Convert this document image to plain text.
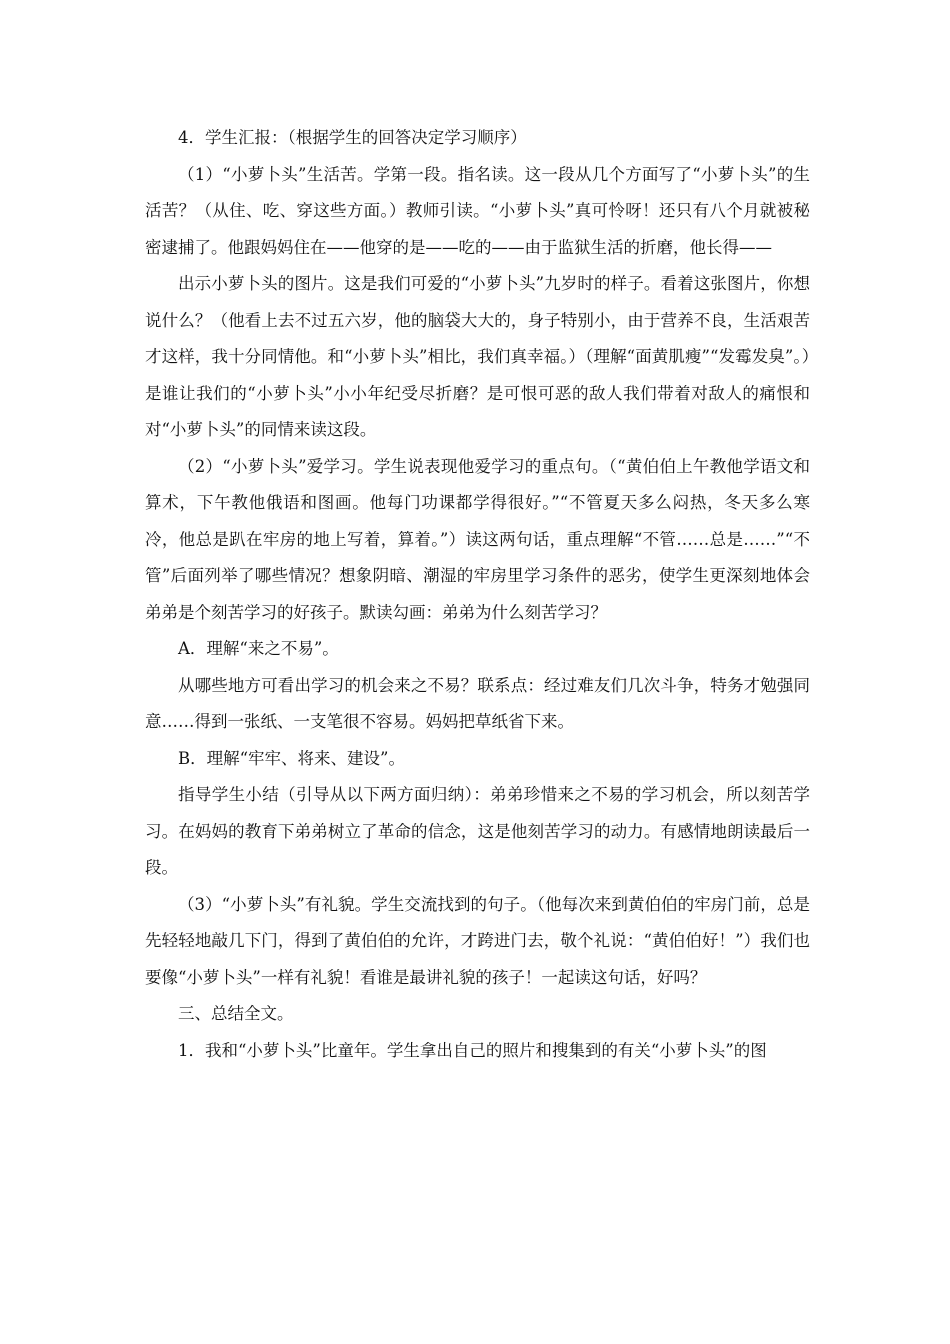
4．学生汇报：（根据学生的回答决定学习顺序）

（1）“小萝卜头”生活苦。学第一段。指名读。这一段从几个方面写了“小萝卜头”的生活苦？（从住、吃、穿这些方面。）教师引读。“小萝卜头”真可怜呀！还只有八个月就被秘密逮捕了。他跟妈妈住在——他穿的是——吃的——由于监狱生活的折磨，他长得——

出示小萝卜头的图片。这是我们可爱的“小萝卜头”九岁时的样子。看着这张图片，你想说什么？（他看上去不过五六岁，他的脑袋大大的，身子特别小，由于营养不良，生活艰苦才这样，我十分同情他。和“小萝卜头”相比，我们真幸福。）（理解“面黄肌瘦”“发霉发臭”。）是谁让我们的“小萝卜头”小小年纪受尽折磨？是可恨可恶的敌人我们带着对敌人的痛恨和对“小萝卜头”的同情来读这段。

（2）“小萝卜头”爱学习。学生说表现他爱学习的重点句。（“黄伯伯上午教他学语文和算术，下午教他俄语和图画。他每门功课都学得很好。”“不管夏天多么闷热，冬天多么寒冷，他总是趴在牢房的地上写着，算着。”）读这两句话，重点理解“不管……总是……”“不管”后面列举了哪些情况？想象阴暗、潮湿的牢房里学习条件的恶劣，使学生更深刻地体会弟弟是个刻苦学习的好孩子。默读勾画：弟弟为什么刻苦学习？

A．理解“来之不易”。

从哪些地方可看出学习的机会来之不易？联系点：经过难友们几次斗争，特务才勉强同意……得到一张纸、一支笔很不容易。妈妈把草纸省下来。

B．理解“牢牢、将来、建设”。

指导学生小结（引导从以下两方面归纳）：弟弟珍惜来之不易的学习机会，所以刻苦学习。在妈妈的教育下弟弟树立了革命的信念，这是他刻苦学习的动力。有感情地朗读最后一段。

（3）“小萝卜头”有礼貌。学生交流找到的句子。（他每次来到黄伯伯的牢房门前，总是先轻轻地敲几下门，得到了黄伯伯的允许，才跨进门去，敬个礼说：“黄伯伯好！”）我们也要像“小萝卜头”一样有礼貌！看谁是最讲礼貌的孩子！一起读这句话，好吗？

三、总结全文。

1．我和“小萝卜头”比童年。学生拿出自己的照片和搜集到的有关“小萝卜头”的图
